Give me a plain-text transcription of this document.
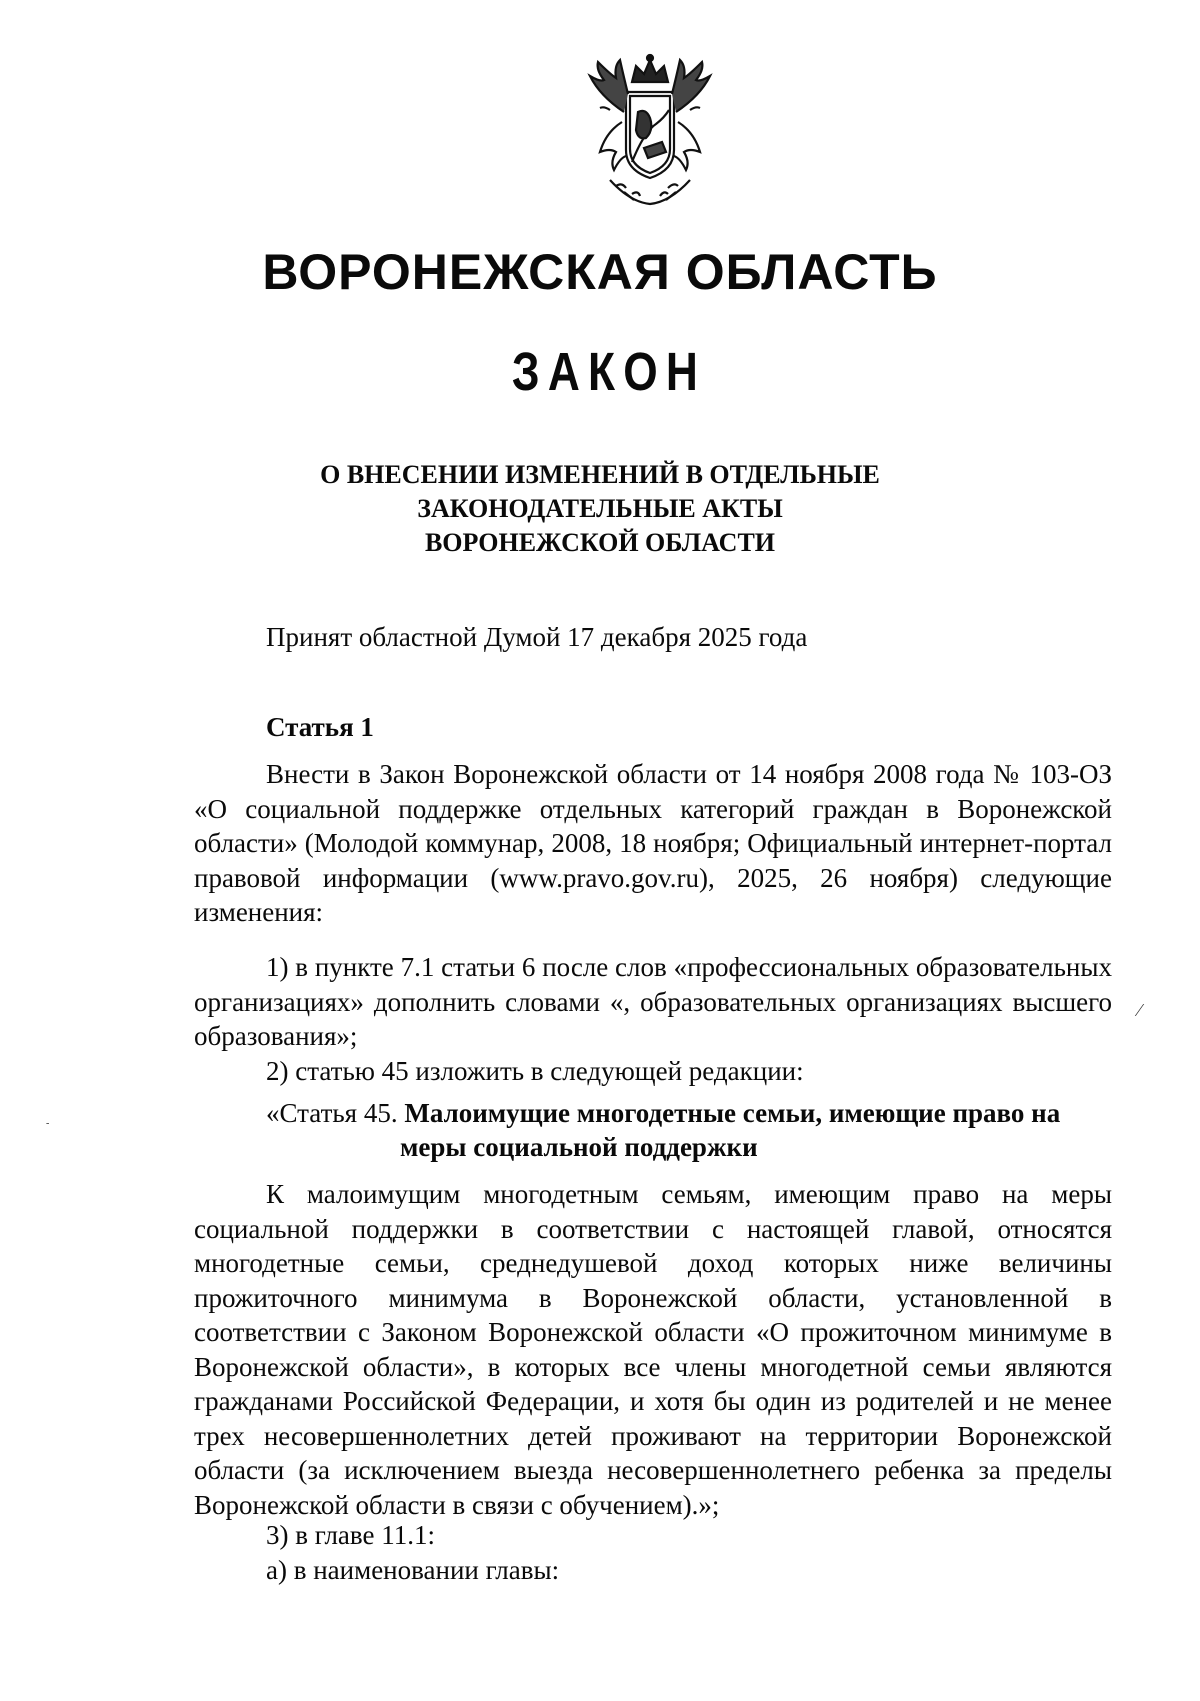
ВОРОНЕЖСКАЯ ОБЛАСТЬ
ЗАКОН
О ВНЕСЕНИИ ИЗМЕНЕНИЙ В ОТДЕЛЬНЫЕ
ЗАКОНОДАТЕЛЬНЫЕ АКТЫ
ВОРОНЕЖСКОЙ ОБЛАСТИ
Принят областной Думой 17 декабря 2025 года
Статья 1

Внести в Закон Воронежской области от 14 ноября 2008 года № 103-ОЗ «О социальной поддержке отдельных категорий граждан в Воронежской области» (Молодой коммунар, 2008, 18 ноября; Официальный интернет-портал правовой информации (www.pravo.gov.ru), 2025, 26 ноября) следующие изменения:

1) в пункте 7.1 статьи 6 после слов «профессиональных образовательных организациях» дополнить словами «, образовательных организациях высшего образования»;

2) статью 45 изложить в следующей редакции:

«Статья 45. Малоимущие многодетные семьи, имеющие право на
меры социальной поддержки

К малоимущим многодетным семьям, имеющим право на меры социальной поддержки в соответствии с настоящей главой, относятся многодетные семьи, среднедушевой доход которых ниже величины прожиточного минимума в Воронежской области, установленной в соответствии с Законом Воронежской области «О прожиточном минимуме в Воронежской области», в которых все члены многодетной семьи являются гражданами Российской Федерации, и хотя бы один из родителей и не менее трех несовершеннолетних детей проживают на территории Воронежской области (за исключением выезда несовершеннолетнего ребенка за пределы Воронежской области в связи с обучением).»;

3) в главе 11.1:
а) в наименовании главы:
⁄
-
